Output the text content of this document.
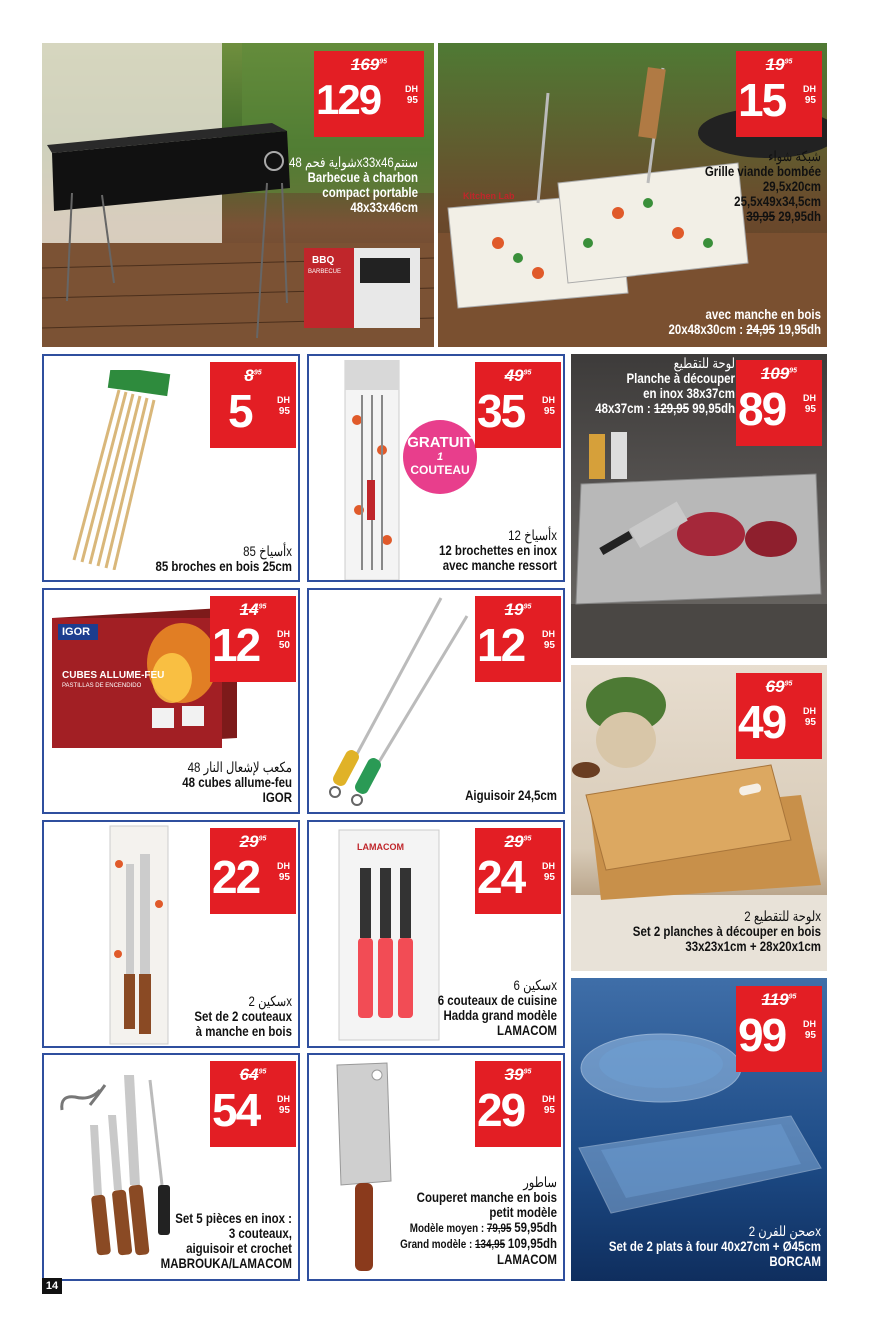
BBQ
BARBECUE
$169^{95}$
129	DH
95
شواية فحم 48x33x46سنتم
Barbecue à charbon
compact portable
48x33x46cm
Kitchen Lab
$19^{95}$
15 DH
95
شبكة شواء
Grille viande bombée
29,5x20cm
25,5x49x34,5cm
39,95 29,95dh
avec manche en bois
20x48x30cm : 24,95 19,95dh
$8^{95}$
5	DH
95
أسياخ 85x
85 broches en bois 25cm
GRATUIT
1
COUTEAU
$49^{95}$
35 DH
95
أسياخ 12x
12 brochettes en inox
avec manche ressort
$109^{95}$
89 DH
95
لوحة للتقطيع
Planche à découper
en inox 38x37cm
48x37cm : 129,95 99,95dh
IGOR
CUBES ALLUME-FEU
PASTILLAS DE ENCENDIDO
$14^{95}$
12 DH
50
48 مكعب لإشعال النار
48 cubes allume-feu
IGOR
$19^{95}$
12 DH
95
Aiguisoir 24,5cm
$69^{95}$
49 DH
95
لوحة للتقطيع 2x
Set 2 planches à découper en bois
33x23x1cm + 28x20x1cm
$29^{95}$
22 DH
95
سكين 2x
Set de 2 couteaux
à manche en bois
LAMACOM	$29^{95}$
24 DH
95
سكين 6x
6 couteaux de cuisine
Hadda grand modèle
LAMACOM
$119^{95}$
99 DH
95
صحن للفرن 2x
Set de 2 plats à four 40x27cm + Ø45cm
BORCAM
$64^{95}$
54 DH
95
Set 5 pièces en inox :
3 couteaux,
aiguisoir et crochet
MABROUKA/LAMACOM
$39^{95}$
29 DH
95
ساطور
Couperet manche en bois
petit modèle
Modèle moyen : 79,95 59,95dh
Grand modèle : 134,95 109,95dh
LAMACOM
14
